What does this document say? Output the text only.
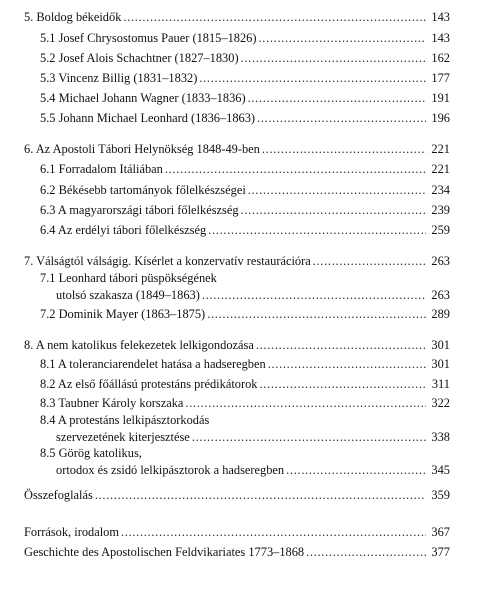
5. Boldog békeidők . . .	143
5.1 Josef Chrysostomus Pauer (1815–1826) . . .	143
5.2 Josef Alois Schachtner (1827–1830) . . .	162
5.3 Vincenz Billig (1831–1832) . . .	177
5.4 Michael Johann Wagner (1833–1836) . . .	191
5.5 Johann Michael Leonhard (1836–1863) . . .	196
6. Az Apostoli Tábori Helynökség 1848-49-ben . . .	221
6.1 Forradalom Itáliában . . .	221
6.2 Békésebb tartományok főlelkészségei . . .	234
6.3 A magyarországi tábori főlelkészség . . .	239
6.4 Az erdélyi tábori főlelkészség . . .	259
7. Válságtól válságig. Kísérlet a konzervatív restaurációra . . .	263
7.1 Leonhard tábori püspökségének
utolsó szakasza (1849–1863) . . .	263
7.2 Dominik Mayer (1863–1875) . . .	289
8. A nem katolikus felekezetek lelkigondozása . . .	301
8.1 A toleranciarendelet hatása a hadseregben . . .	301
8.2 Az első főállású protestáns prédikátorok . . .	311
8.3 Taubner Károly korszaka . . .	322
8.4 A protestáns lelkipásztorkodás
szervezetének kiterjesztése . . .	338
8.5 Görög katolikus,
ortodox és zsidó lelkipásztorok a hadseregben . . .	345
Összefoglalás . . .	359
Források, irodalom . . .	367
Geschichte des Apostolischen Feldvikariates 1773–1868 . . .	377
